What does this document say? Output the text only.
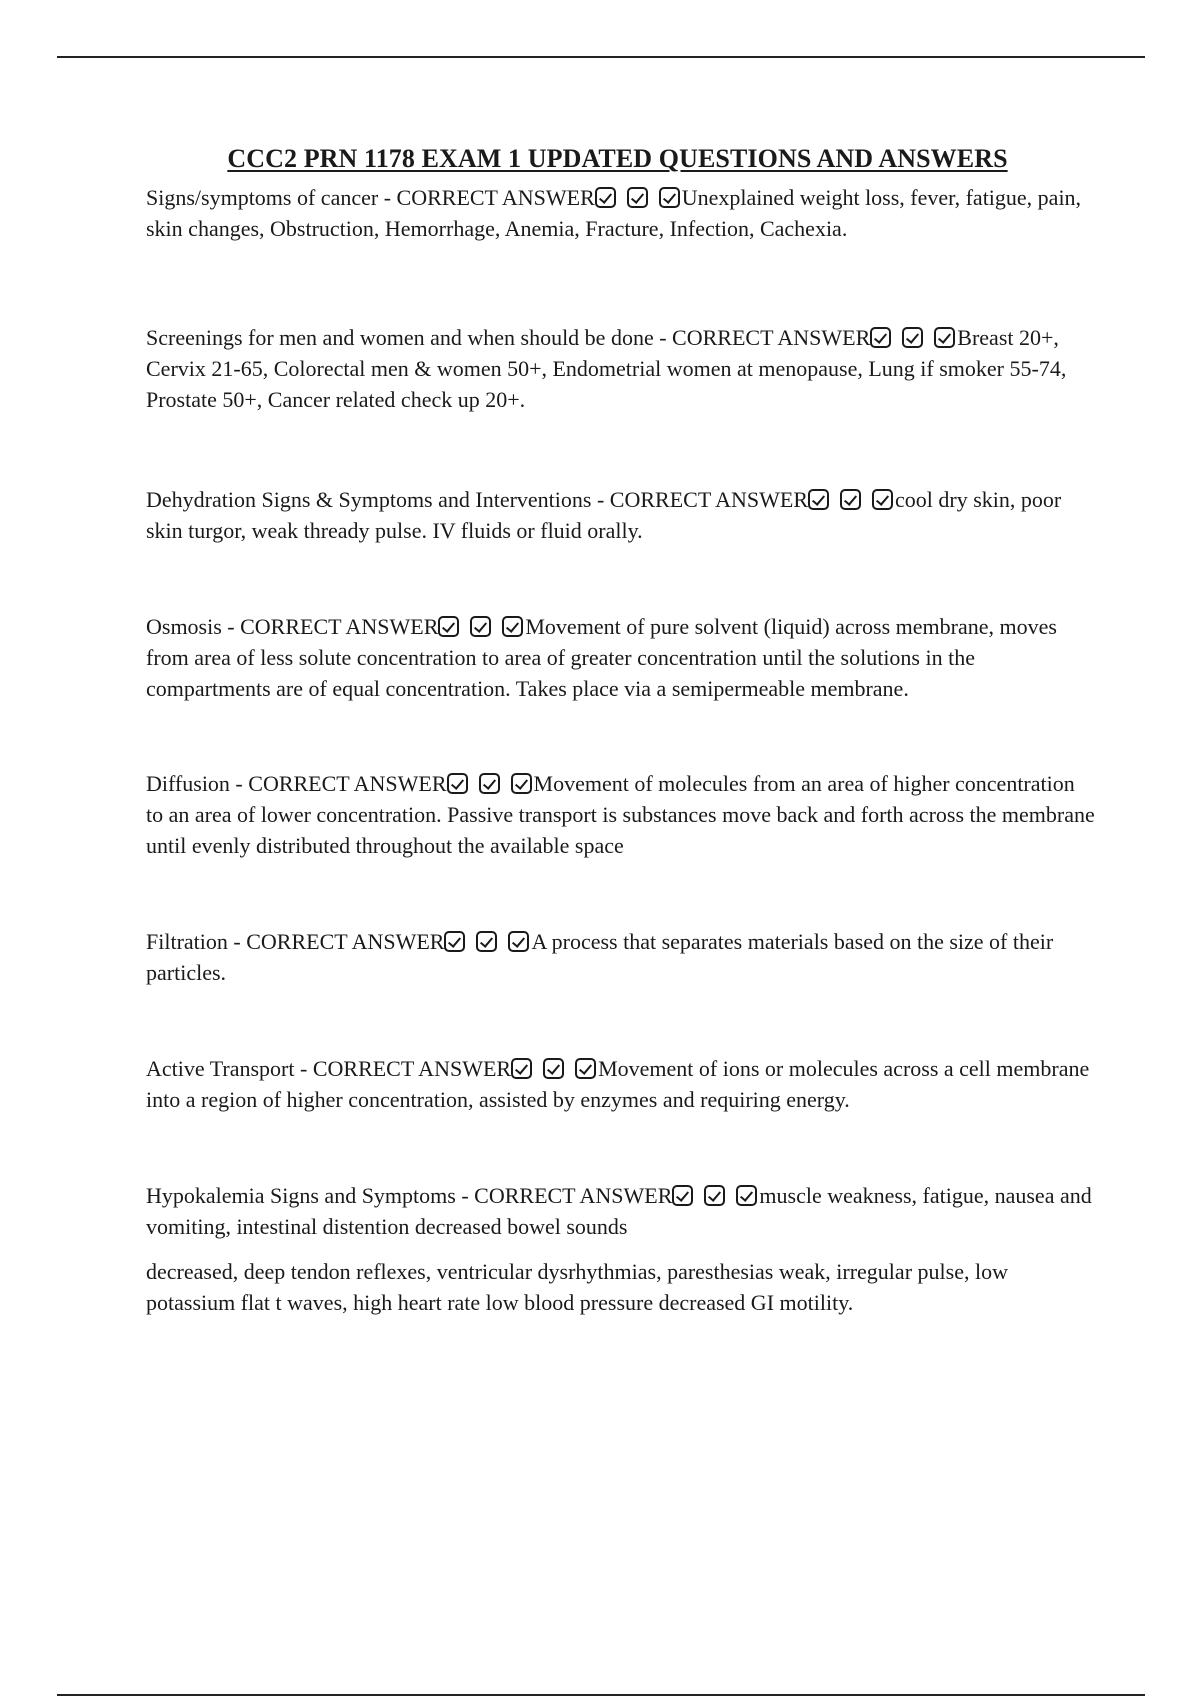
CCC2 PRN 1178 EXAM 1 UPDATED QUESTIONS AND ANSWERS

Signs/symptoms of cancer - CORRECT ANSWER	Unexplained weight loss, fever, fatigue, pain, skin changes, Obstruction, Hemorrhage, Anemia, Fracture, Infection, Cachexia.

Screenings for men and women and when should be done - CORRECT ANSWER	Breast 20+, Cervix 21-65, Colorectal men & women 50+, Endometrial women at menopause, Lung if smoker 55-74, Prostate 50+, Cancer related check up 20+.

Dehydration Signs & Symptoms and Interventions - CORRECT ANSWER	cool dry skin, poor skin turgor, weak thready pulse. IV fluids or fluid orally.

Osmosis - CORRECT ANSWER	Movement of pure solvent (liquid) across membrane, moves from area of less solute concentration to area of greater concentration until the solutions in the compartments are of equal concentration. Takes place via a semipermeable membrane.

Diffusion - CORRECT ANSWER	Movement of molecules from an area of higher concentration to an area of lower concentration. Passive transport is substances move back and forth across the membrane until evenly distributed throughout the available space

Filtration - CORRECT ANSWER	A process that separates materials based on the size of their particles.

Active Transport - CORRECT ANSWER	Movement of ions or molecules across a cell membrane into a region of higher concentration, assisted by enzymes and requiring energy.

Hypokalemia Signs and Symptoms - CORRECT ANSWER	muscle weakness, fatigue, nausea and vomiting, intestinal distention decreased bowel sounds

decreased, deep tendon reflexes, ventricular dysrhythmias, paresthesias weak, irregular pulse, low potassium flat t waves, high heart rate low blood pressure decreased GI motility.
